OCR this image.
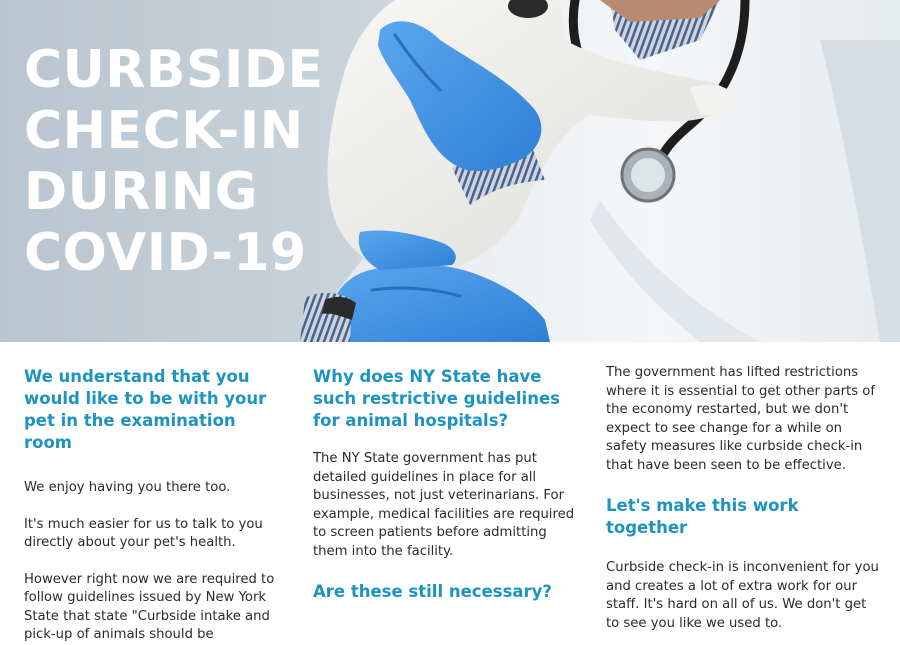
CURBSIDE
CHECK-IN
DURING
COVID-19
We understand that you would like to be with your pet in the examination room

We enjoy having you there too.

It's much easier for us to talk to you directly about your pet's health.

However right now we are required to follow guidelines issued by New York State that state "Curbside intake and pick-up of animals should be

Why does NY State have such restrictive guidelines for animal hospitals?

The NY State government has put detailed guidelines in place for all businesses, not just veterinarians. For example, medical facilities are required to screen patients before admitting them into the facility.

Are these still necessary?

The government has lifted restrictions where it is essential to get other parts of the economy restarted, but we don't expect to see change for a while on safety measures like curbside check-in that have been seen to be effective.

Let's make this work together

Curbside check-in is inconvenient for you and creates a lot of extra work for our staff. It's hard on all of us. We don't get to see you like we used to.
